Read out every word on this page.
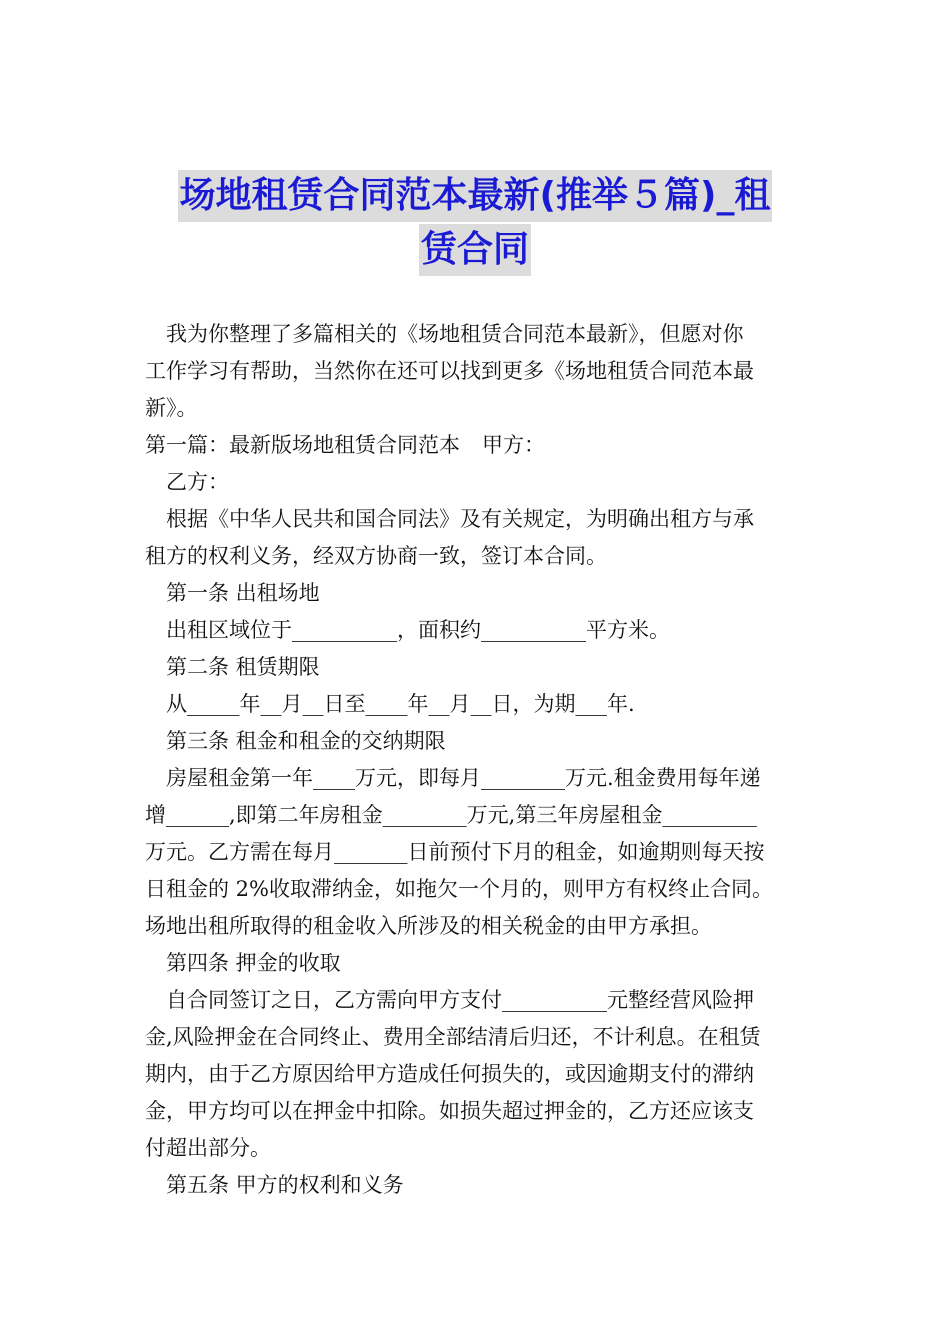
场地租赁合同范本最新(推举５篇)_租
赁合同

我为你整理了多篇相关的《场地租赁合同范本最新》，但愿对你

工作学习有帮助，当然你在还可以找到更多《场地租赁合同范本最

新》。

第一篇：最新版场地租赁合同范本 甲方：

乙方：

根据《中华人民共和国合同法》及有关规定，为明确出租方与承

租方的权利义务，经双方协商一致，签订本合同。

第一条 出租场地

出租区域位于__________，面积约__________平方米。

第二条 租赁期限

从_____年__月__日至____年__月__日，为期___年.

第三条 租金和租金的交纳期限

房屋租金第一年____万元，即每月________万元.租金费用每年递

增______,即第二年房租金________万元,第三年房屋租金_________

万元。乙方需在每月_______日前预付下月的租金，如逾期则每天按

日租金的 2%收取滞纳金，如拖欠一个月的，则甲方有权终止合同。

场地出租所取得的租金收入所涉及的相关税金的由甲方承担。

第四条 押金的收取

自合同签订之日，乙方需向甲方支付__________元整经营风险押

金,风险押金在合同终止、费用全部结清后归还，不计利息。在租赁

期内，由于乙方原因给甲方造成任何损失的，或因逾期支付的滞纳

金，甲方均可以在押金中扣除。如损失超过押金的，乙方还应该支

付超出部分。

第五条 甲方的权利和义务
